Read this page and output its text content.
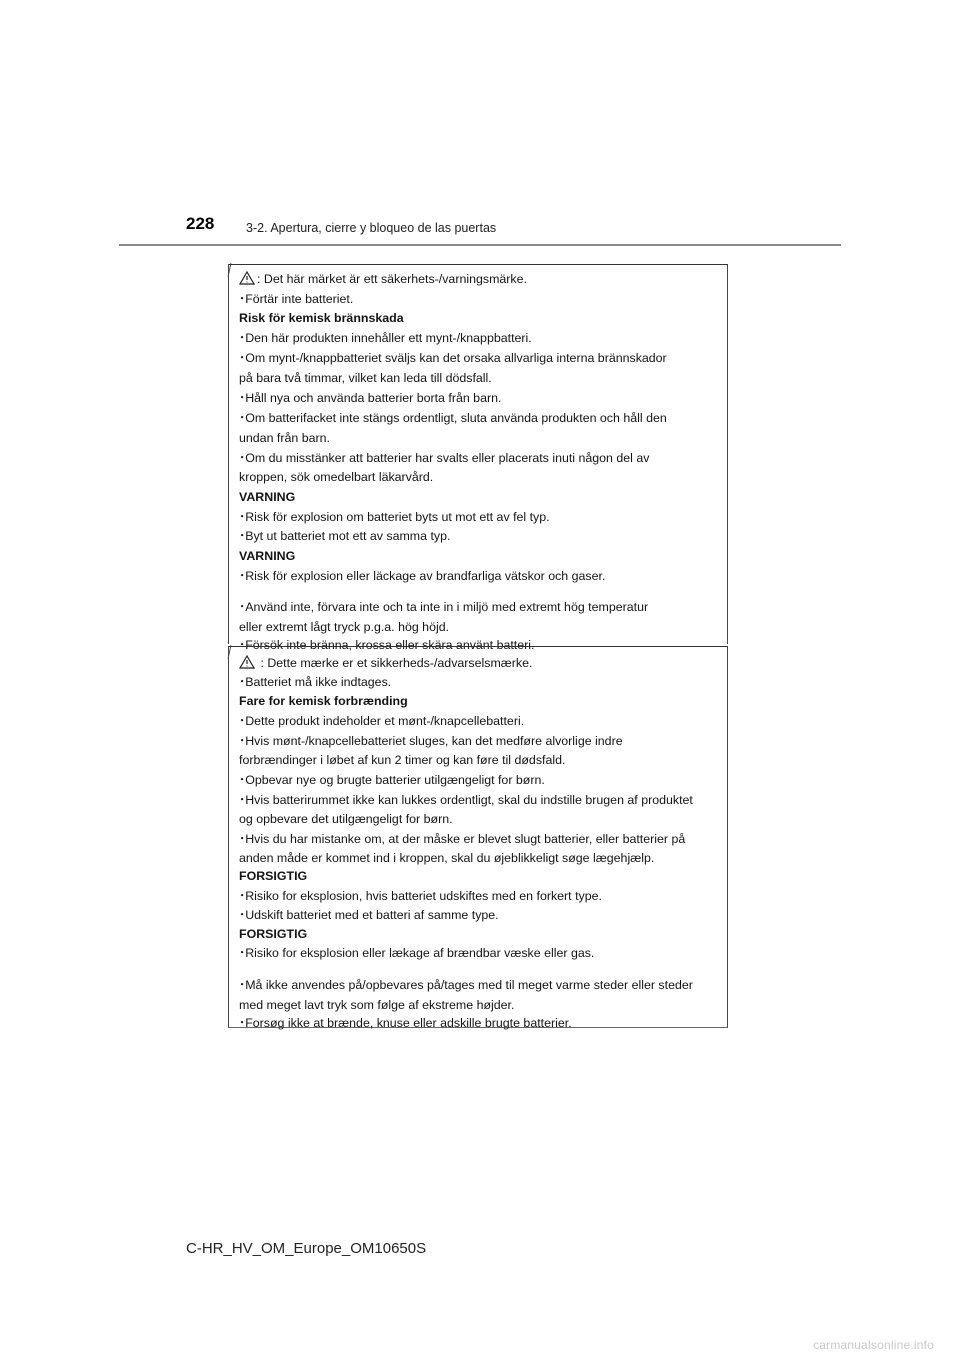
228	3-2. Apertura, cierre y bloqueo de las puertas
: Det här märket är ett säkerhets-/varningsmärke.
･Förtär inte batteriet.
Risk för kemisk brännskada
･Den här produkten innehåller ett mynt-/knappbatteri.
･Om mynt-/knappbatteriet sväljs kan det orsaka allvarliga interna brännskador
på bara två timmar, vilket kan leda till dödsfall.
･Håll nya och använda batterier borta från barn.
･Om batterifacket inte stängs ordentligt, sluta använda produkten och håll den
undan från barn.
･Om du misstänker att batterier har svalts eller placerats inuti någon del av
kroppen, sök omedelbart läkarvård.
VARNING
･Risk för explosion om batteriet byts ut mot ett av fel typ.
･Byt ut batteriet mot ett av samma typ.
VARNING
･Risk för explosion eller läckage av brandfarliga vätskor och gaser.
･Använd inte, förvara inte och ta inte in i miljö med extremt hög temperatur
eller extremt lågt tryck p.g.a. hög höjd.
･Försök inte bränna, krossa eller skära använt batteri.
: Dette mærke er et sikkerheds-/advarselsmærke.
･Batteriet må ikke indtages.
Fare for kemisk forbrænding
･Dette produkt indeholder et mønt-/knapcellebatteri.
･Hvis mønt-/knapcellebatteriet sluges, kan det medføre alvorlige indre
forbrændinger i løbet af kun 2 timer og kan føre til dødsfald.
･Opbevar nye og brugte batterier utilgængeligt for børn.
･Hvis batterirummet ikke kan lukkes ordentligt, skal du indstille brugen af produktet
og opbevare det utilgængeligt for børn.
･Hvis du har mistanke om, at der måske er blevet slugt batterier, eller batterier på
anden måde er kommet ind i kroppen, skal du øjeblikkeligt søge lægehjælp.
FORSIGTIG
･Risiko for eksplosion, hvis batteriet udskiftes med en forkert type.
･Udskift batteriet med et batteri af samme type.
FORSIGTIG
･Risiko for eksplosion eller lækage af brændbar væske eller gas.
･Må ikke anvendes på/opbevares på/tages med til meget varme steder eller steder
med meget lavt tryk som følge af ekstreme højder.
･Forsøg ikke at brænde, knuse eller adskille brugte batterier.
C-HR_HV_OM_Europe_OM10650S
carmanualsonline.info
